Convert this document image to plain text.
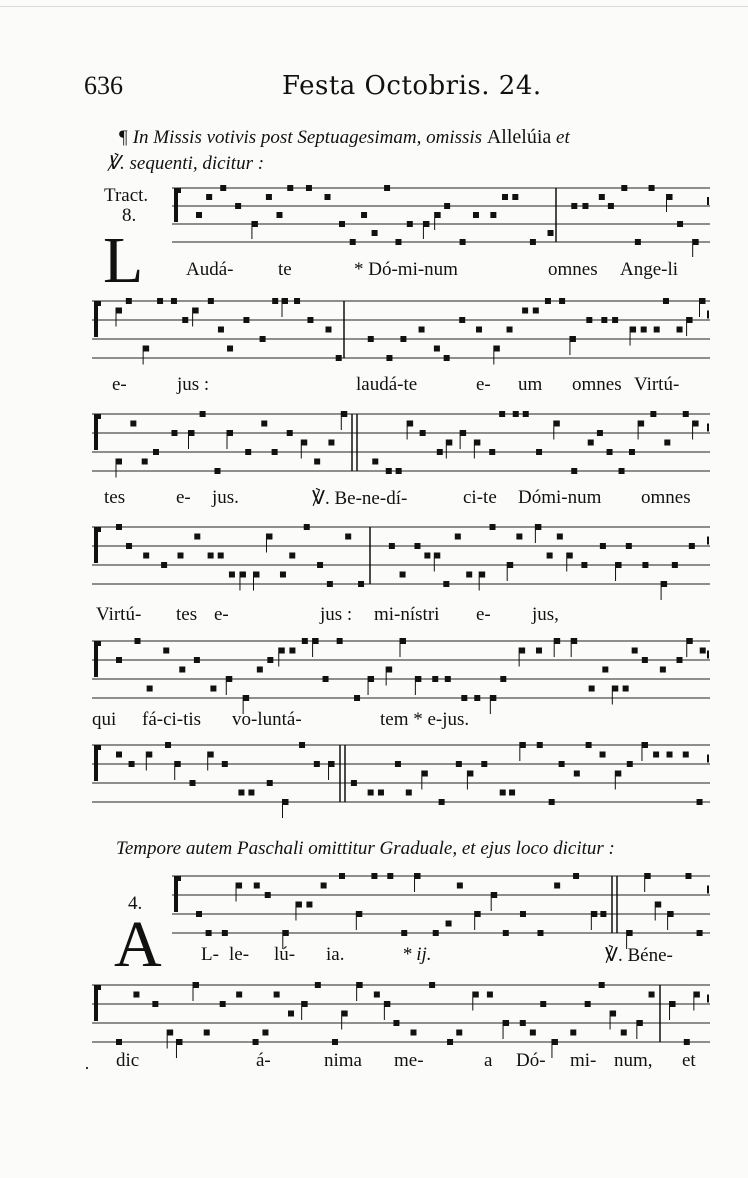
636	Festa Octobris. 24.
¶ In Missis votivis post Septuagesimam, omissis Allelúia et
℣. sequenti, dicitur :
Tract.
8.
L Audá- te	* Dó-mi-num	omnes Ange-li
e-	jus :	laudá-te	e- um omnes Virtú-
tes	e- jus.	℣. Be-ne-dí-	ci-te Dómi-num omnes
Virtú- tes e-	jus : mi-nístri e- jus,
qui fá-ci-tis vo-luntá-	tem * e-jus.
Tempore autem Paschali omittitur Graduale, et ejus loco dicitur :
4.
A L- le- lú- ia.	* ij.	℣. Béne-
dic	á-	nima me-	a Dó- mi- num, et
·
